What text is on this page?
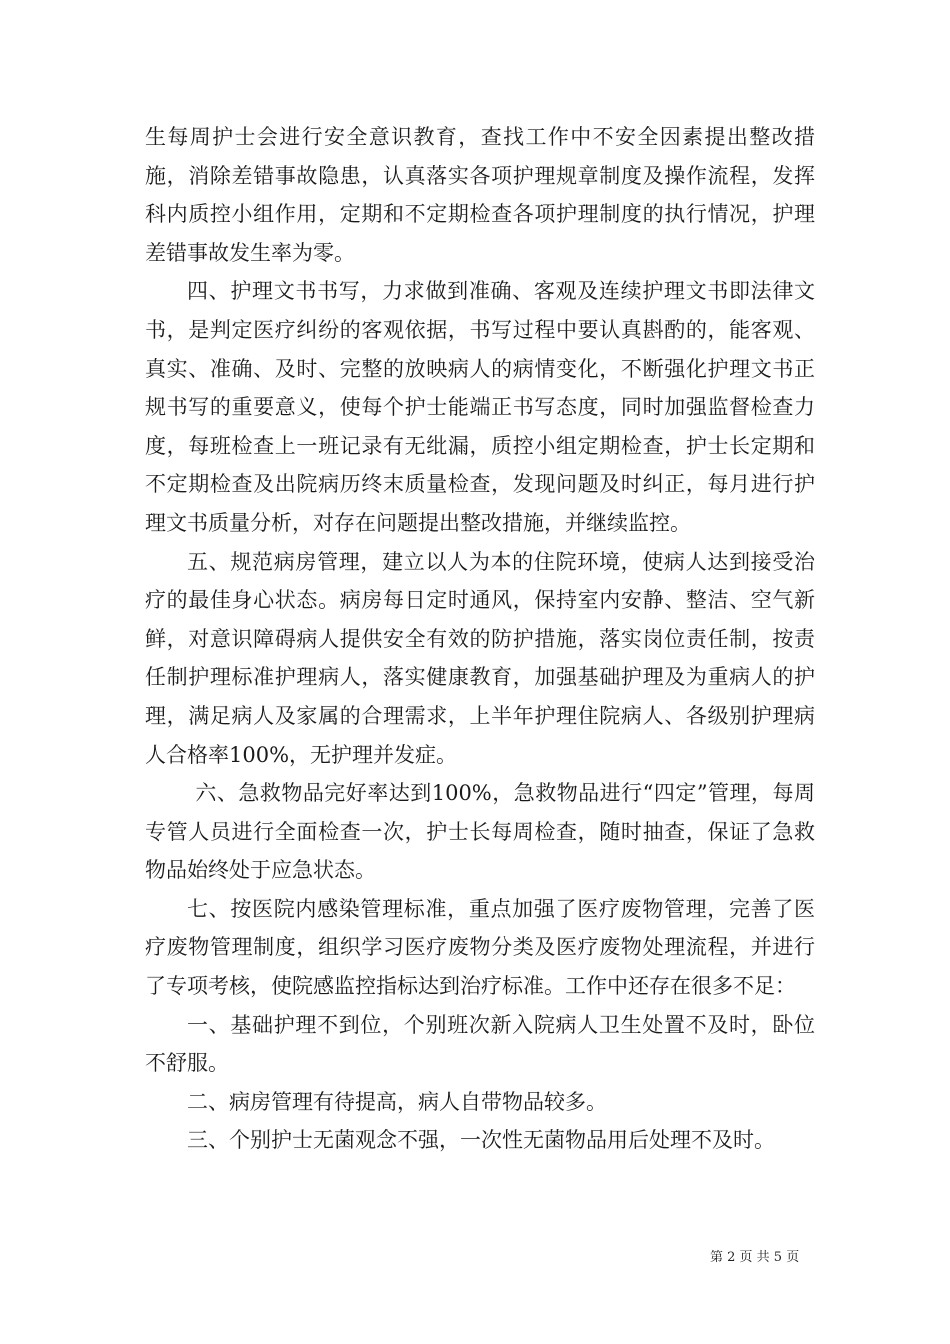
生每周护士会进行安全意识教育，查找工作中不安全因素提出整改措施，消除差错事故隐患，认真落实各项护理规章制度及操作流程，发挥科内质控小组作用，定期和不定期检查各项护理制度的执行情况，护理差错事故发生率为零。

四、护理文书书写，力求做到准确、客观及连续护理文书即法律文书，是判定医疗纠纷的客观依据，书写过程中要认真斟酌的，能客观、真实、准确、及时、完整的放映病人的病情变化，不断强化护理文书正规书写的重要意义，使每个护士能端正书写态度，同时加强监督检查力度，每班检查上一班记录有无纰漏，质控小组定期检查，护士长定期和不定期检查及出院病历终末质量检查，发现问题及时纠正，每月进行护理文书质量分析，对存在问题提出整改措施，并继续监控。

五、规范病房管理，建立以人为本的住院环境，使病人达到接受治疗的最佳身心状态。病房每日定时通风，保持室内安静、整洁、空气新鲜，对意识障碍病人提供安全有效的防护措施，落实岗位责任制，按责任制护理标准护理病人，落实健康教育，加强基础护理及为重病人的护理，满足病人及家属的合理需求，上半年护理住院病人、各级别护理病人合格率100%，无护理并发症。

六、急救物品完好率达到100%，急救物品进行“四定”管理，每周专管人员进行全面检查一次，护士长每周检查，随时抽查，保证了急救物品始终处于应急状态。

七、按医院内感染管理标准，重点加强了医疗废物管理，完善了医疗废物管理制度，组织学习医疗废物分类及医疗废物处理流程，并进行了专项考核，使院感监控指标达到治疗标准。工作中还存在很多不足：

一、基础护理不到位，个别班次新入院病人卫生处置不及时，卧位不舒服。

二、病房管理有待提高，病人自带物品较多。

三、个别护士无菌观念不强，一次性无菌物品用后处理不及时。

第 2 页 共 5 页
